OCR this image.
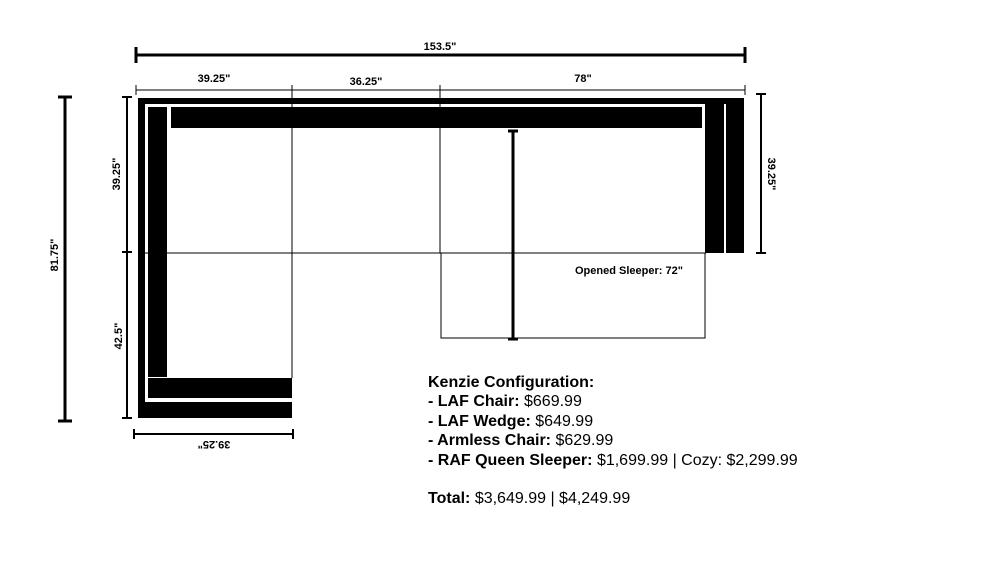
153.5"
39.25"	36.25"	78"
81.75"
39.25"
42.5"
39.25"
39.25"
Opened Sleeper: 72"
Kenzie Configuration:
- LAF Chair: $669.99
- LAF Wedge: $649.99
- Armless Chair: $629.99
- RAF Queen Sleeper: $1,699.99 | Cozy: $2,299.99
Total: $3,649.99 | $4,249.99
